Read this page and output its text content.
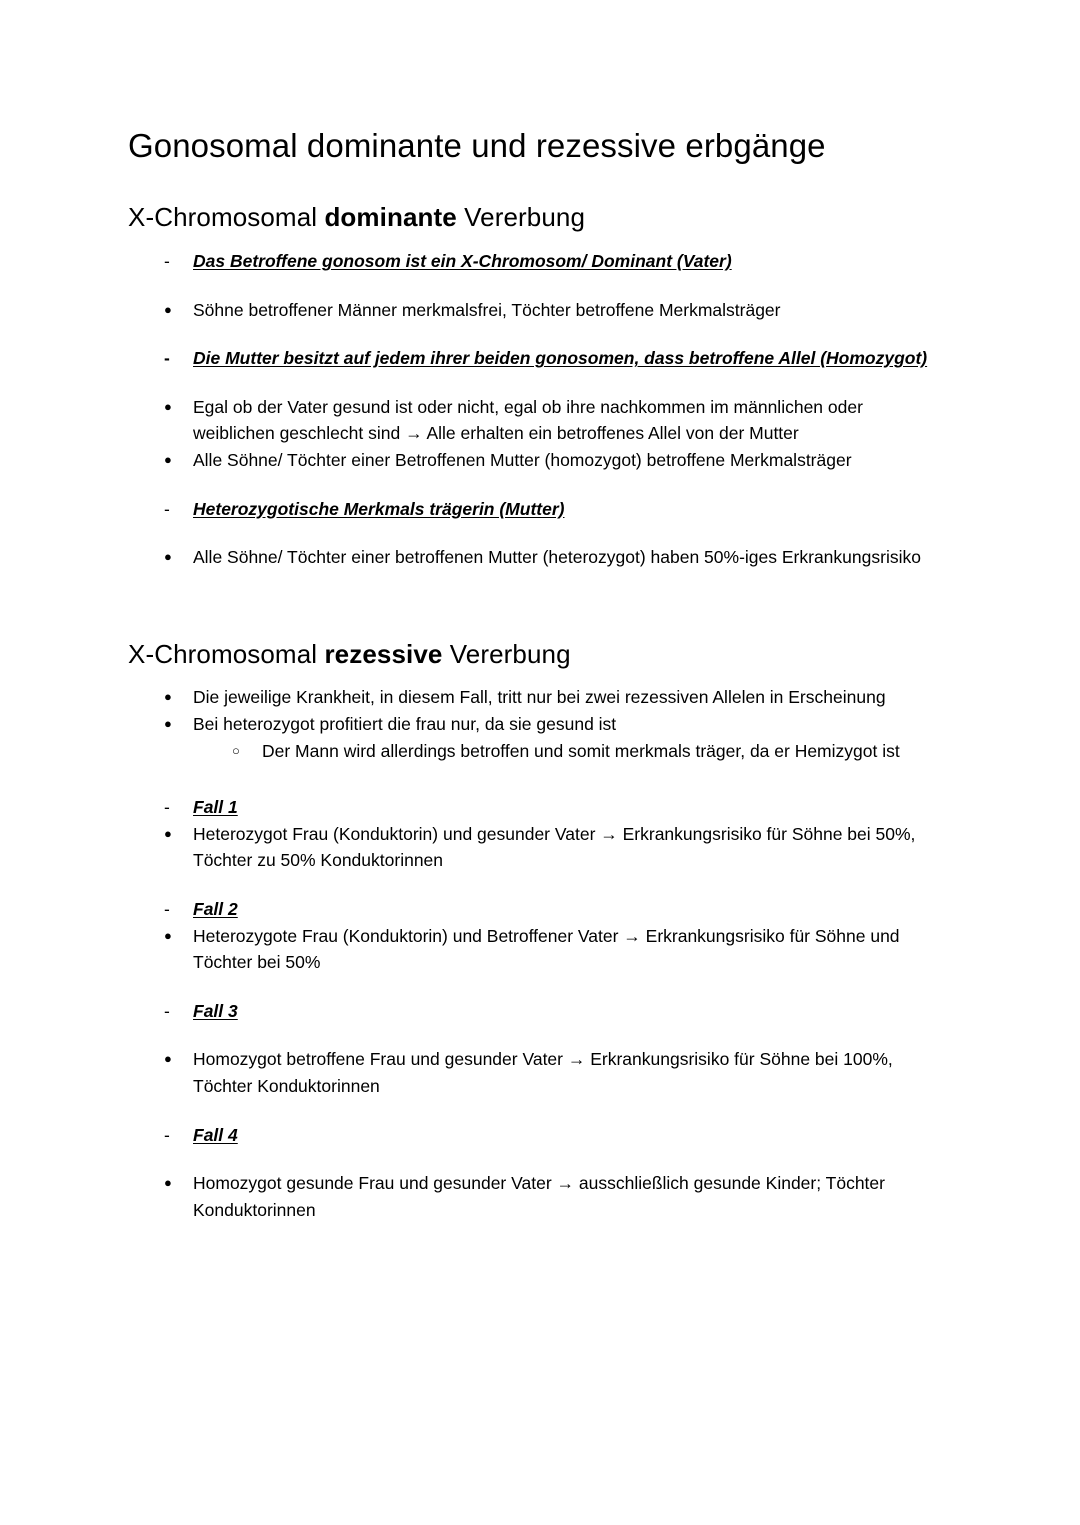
Gonosomal dominante und rezessive erbgänge
X-Chromosomal dominante Vererbung
-	Das Betroffene gonosom ist ein X-Chromosom/ Dominant (Vater)
●	Söhne betroffener Männer merkmalsfrei, Töchter betroffene Merkmalsträger
-	Die Mutter besitzt auf jedem ihrer beiden gonosomen, dass betroffene Allel (Homozygot)
●	Egal ob der Vater gesund ist oder nicht, egal ob ihre nachkommen im männlichen oder weiblichen geschlecht sind → Alle erhalten ein betroffenes Allel von der Mutter
●	Alle Söhne/ Töchter einer Betroffenen Mutter (homozygot) betroffene Merkmalsträger
-	Heterozygotische Merkmals trägerin (Mutter)
●	Alle Söhne/ Töchter einer betroffenen Mutter (heterozygot) haben 50%-iges Erkrankungsrisiko
X-Chromosomal rezessive Vererbung
●	Die jeweilige Krankheit, in diesem Fall, tritt nur bei zwei rezessiven Allelen in Erscheinung
●	Bei heterozygot profitiert die frau nur, da sie gesund ist
○	Der Mann wird allerdings betroffen und somit merkmals träger, da er Hemizygot ist
-	Fall 1
●	Heterozygot Frau (Konduktorin) und gesunder Vater → Erkrankungsrisiko für Söhne bei 50%, Töchter zu 50% Konduktorinnen
-	Fall 2
●	Heterozygote Frau (Konduktorin) und Betroffener Vater → Erkrankungsrisiko für Söhne und Töchter bei 50%
-	Fall 3
●	Homozygot betroffene Frau und gesunder Vater → Erkrankungsrisiko für Söhne bei 100%, Töchter Konduktorinnen
-	Fall 4
●	Homozygot gesunde Frau und gesunder Vater → ausschließlich gesunde Kinder; Töchter Konduktorinnen
